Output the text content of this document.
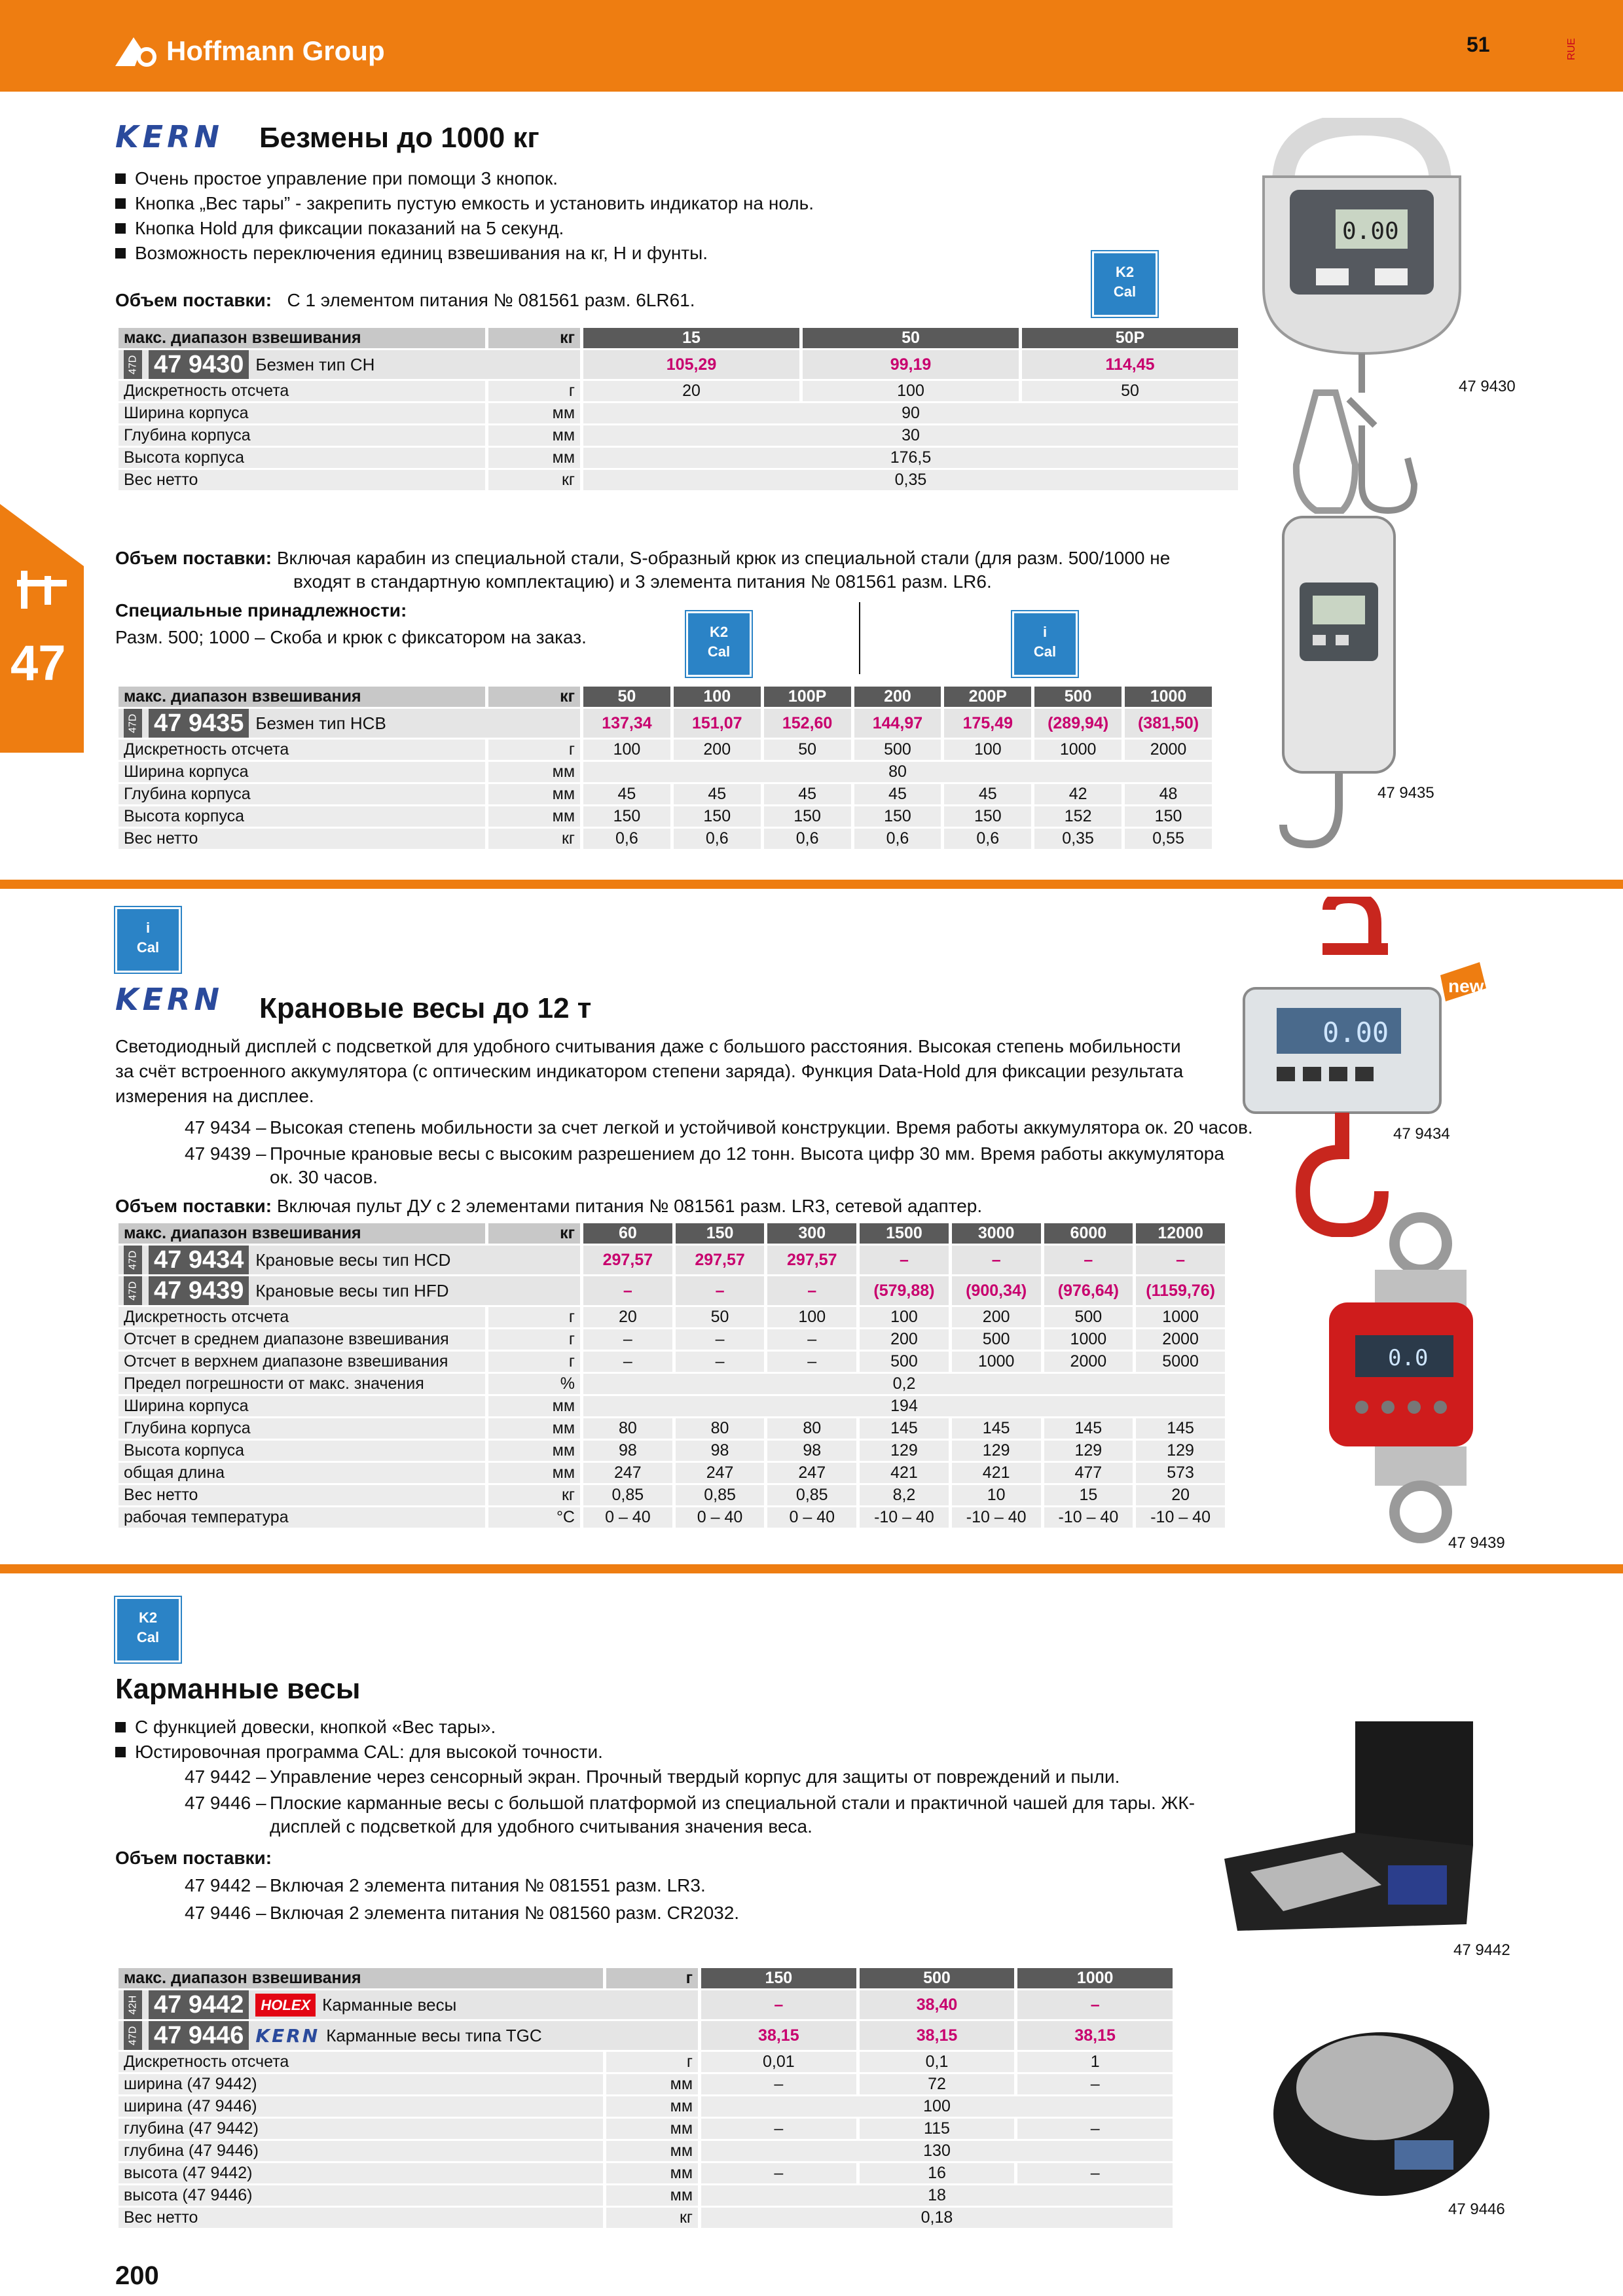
Hoffmann Group	51	RUE
47
KERN Безмены до 1000 кг
Очень простое управление при помощи 3 кнопок.
Кнопка „Вес тары” - закрепить пустую емкость и установить индикатор на ноль.
Кнопка Hold для фиксации показаний на 5 секунд.
Возможность переключения единиц взвешивания на кг, Н и фунты.
K2
Cal
Объем поставки: С 1 элементом питания № 081561 разм. 6LR61.
макс. диапазон взвешивания	кг	15	50	50P

47D 47 9430 Безмен тип CH		105,29	99,19	114,45
Дискретность отсчета	г	20	100	50
Ширина корпуса	мм	90		
Глубина корпуса	мм	30		
Высота корпуса	мм	176,5		
Вес нетто	кг	0,35		
0.00
47 9430
Объем поставки: Включая карабин из специальной стали, S-образный крюк из специальной стали (для разм. 500/1000 не
входят в стандартную комплектацию) и 3 элемента питания № 081561 разм. LR6.
Специальные принадлежности:
Разм. 500; 1000 – Скоба и крюк с фиксатором на заказ.	K2
Cal
i
Cal
макс. диапазон взвешивания	кг	50	100	100P	200	200P	500	1000

47D 47 9435 Безмен тип HCB		137,34	151,07	152,60	144,97	175,49	(289,94)	(381,50)
Дискретность отсчета	г	100	200	50	500	100	1000	2000
Ширина корпуса	мм	80						
Глубина корпуса	мм	45	45	45	45	45	42	48
Высота корпуса	мм	150	150	150	150	150	152	150
Вес нетто	кг	0,6	0,6	0,6	0,6	0,6	0,35	0,55
47 9435
i
Cal
KERN Крановые весы до 12 т
Светодиодный дисплей с подсветкой для удобного считывания даже с большого расстояния. Высокая степень мобильности
за счёт встроенного аккумулятора (с оптическим индикатором степени заряда). Функция Data-Hold для фиксации результата
измерения на дисплее.
47 9434 – Высокая степень мобильности за счет легкой и устойчивой конструкции. Время работы аккумулятора ок. 20 часов.
47 9439 – Прочные крановые весы с высоким разрешением до 12 тонн. Высота цифр 30 мм. Время работы аккумулятора
ок. 30 часов.
Объем поставки: Включая пульт ДУ с 2 элементами питания № 081561 разм. LR3, сетевой адаптер.
макс. диапазон взвешивания	кг	60	150	300	1500	3000	6000	12000

47D 47 9434 Крановые весы тип HCD		297,57	297,57	297,57	–	–	–	–

47D 47 9439 Крановые весы тип HFD		–	–	–	(579,88)	(900,34)	(976,64)	(1159,76)
Дискретность отсчета	г	20	50	100	100	200	500	1000
Отсчет в среднем диапазоне взвешивания	г	–	–	–	200	500	1000	2000
Отсчет в верхнем диапазоне взвешивания	г	–	–	–	500	1000	2000	5000
Предел погрешности от макс. значения	%	0,2						
Ширина корпуса	мм	194						
Глубина корпуса	мм	80	80	80	145	145	145	145
Высота корпуса	мм	98	98	98	129	129	129	129
общая длина	мм	247	247	247	421	421	477	573
Вес нетто	кг	0,85	0,85	0,85	8,2	10	15	20
рабочая температура	°C	0 – 40	0 – 40	0 – 40	-10 – 40	-10 – 40	-10 – 40	-10 – 40
0.00
new
47 9434
0.0
47 9439
K2
Cal
Карманные весы
С функцией довески, кнопкой «Вес тары».
Юстировочная программа CAL: для высокой точности.
47 9442 – Управление через сенсорный экран. Прочный твердый корпус для защиты от повреждений и пыли.
47 9446 – Плоские карманные весы с большой платформой из специальной стали и практичной чашей для тары. ЖК-
дисплей с подсветкой для удобного считывания значения веса.
Объем поставки:
47 9442 – Включая 2 элемента питания № 081551 разм. LR3.
47 9446 – Включая 2 элемента питания № 081560 разм. CR2032.
макс. диапазон взвешивания	г	150	500	1000

42H 47 9442 HOLEX Карманные весы		–	38,40	–

47D 47 9446 KERN Карманные весы типа TGC		38,15	38,15	38,15
Дискретность отсчета	г	0,01	0,1	1
ширина (47 9442)	мм	–	72	–
ширина (47 9446)	мм	100		
глубина (47 9442)	мм	–	115	–
глубина (47 9446)	мм	130		
высота (47 9442)	мм	–	16	–
высота (47 9446)	мм	18		
Вес нетто	кг	0,18		
47 9442
47 9446
200
